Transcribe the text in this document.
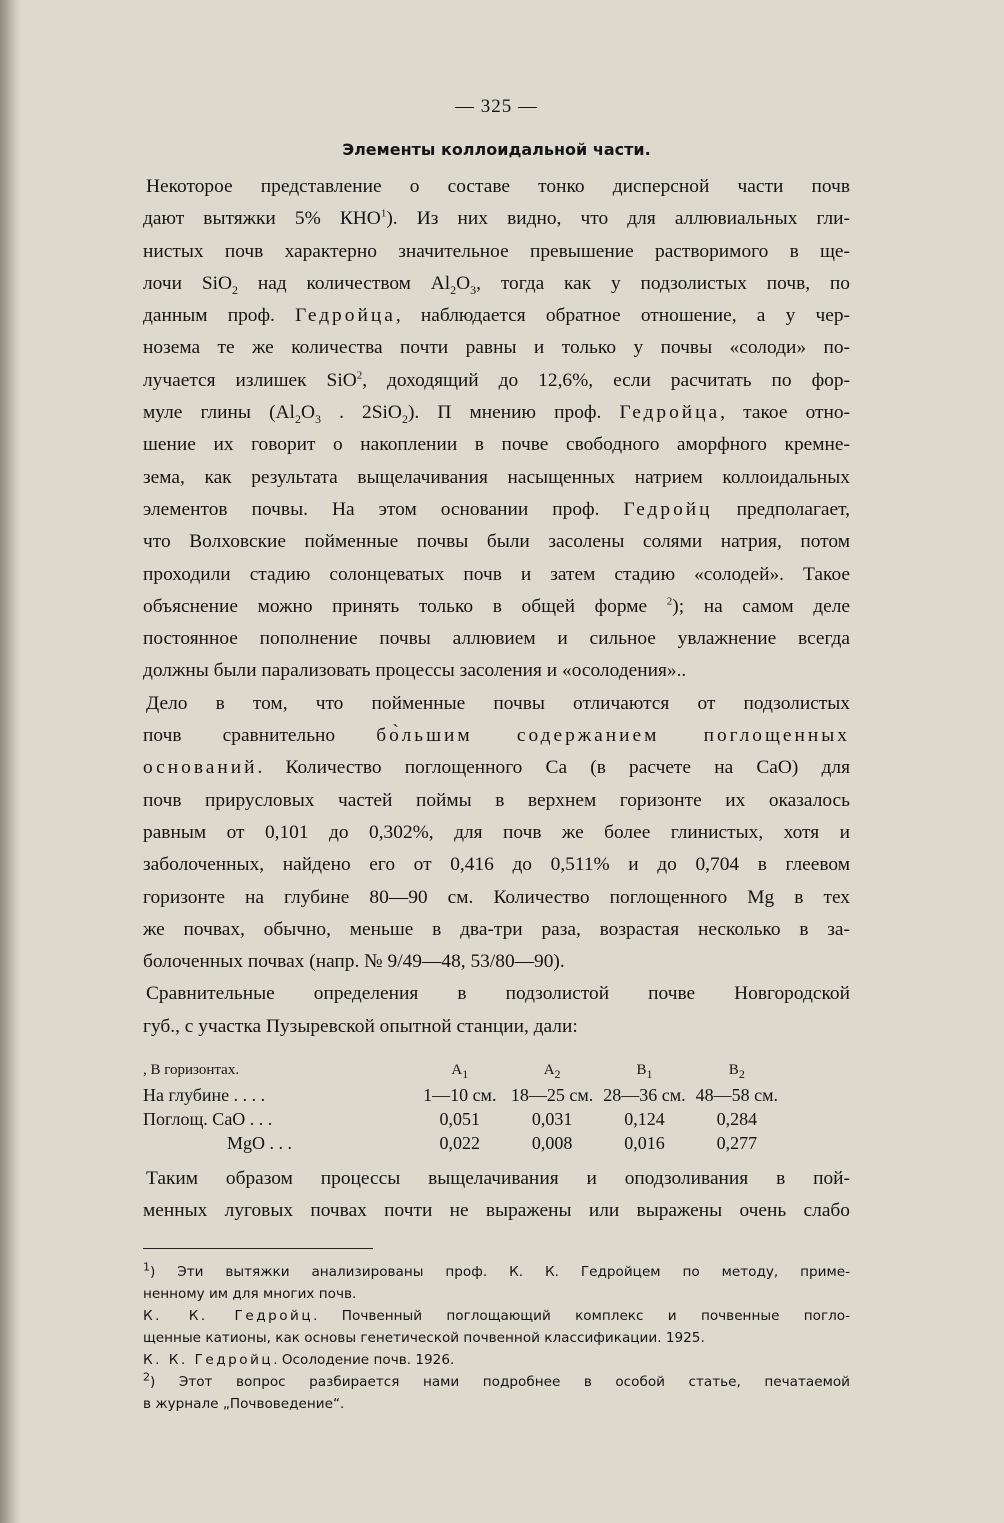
— 325 —
Элементы коллоидальной части.
Некоторое представление о составе тонко дисперсной части почв
дают вытяжки 5% КНО$^1$). Из них видно, что для аллювиальных гли-
нистых почв характерно значительное превышение растворимого в ще-
лочи SiO$_2$ над количеством $Al_2O_3$, тогда как у подзолистых почв, по
данным проф. Гедройца, наблюдается обратное отношение, а у чер-
нозема те же количества почти равны и только у почвы «солоди» по-
лучается излишек SiO$^2$, доходящий до 12,6%, если расчитать по фор-
муле глины ($Al_2O_3$ . 2SiO$_2$). П мнению проф. Гедройца, такое отно-
шение их говорит о накоплении в почве свободного аморфного кремне-
зема, как результата выщелачивания насыщенных натрием коллоидальных
элементов почвы. На этом основании проф. Гедройц предполагает,
что Волховские пойменные почвы были засолены солями натрия, потом
проходили стадию солонцеватых почв и затем стадию «солодей». Такое
объяснение можно принять только в общей форме $^2$); на самом деле
постоянное пополнение почвы аллювием и сильное увлажнение всегда
должны были парализовать процессы засоления и «осолодения»..
Дело в том, что пойменные почвы отличаются от подзолистых
почв сравнительно бо̀льшим содержанием поглощенных
оснований. Количество поглощенного Са (в расчете на СаО) для
почв прирусловых частей поймы в верхнем горизонте их оказалось
равным от 0,101 до 0,302%, для почв же более глинистых, хотя и
заболоченных, найдено его от 0,416 до 0,511% и до 0,704 в глеевом
горизонте на глубине 80—90 см. Количество поглощенного Mg в тех
же почвах, обычно, меньше в два-три раза, возрастая несколько в за-
болоченных почвах (напр. № 9/49—48, 53/80—90).
Сравнительные определения в подзолистой почве Новгородской
губ., с участка Пузыревской опытной станции, дали:
, В горизонтах.	$A_1$	$A_2$	$B_1$	$B_2$
На глубине . . . .	1—10 см.	18—25 см.	28—36 см.	48—58 см.
Поглощ. СаО . . .	0,051	0,031	0,124	0,284
MgO . . .	0,022	0,008	0,016	0,277
Таким образом процессы выщелачивания и оподзоливания в пой-
менных луговых почвах почти не выражены или выражены очень слабо
$^1$) Эти вытяжки анализированы проф. К. К. Гедройцем по методу, приме-
ненному им для многих почв.
К. К. Гедройц. Почвенный поглощающий комплекс и почвенные погло-
щенные катионы, как основы генетической почвенной классификации. 1925.
К. К. Гедройц. Осолодение почв. 1926.
$^2$) Этот вопрос разбирается нами подробнее в особой статье, печатаемой
в журнале „Почвоведение“.
